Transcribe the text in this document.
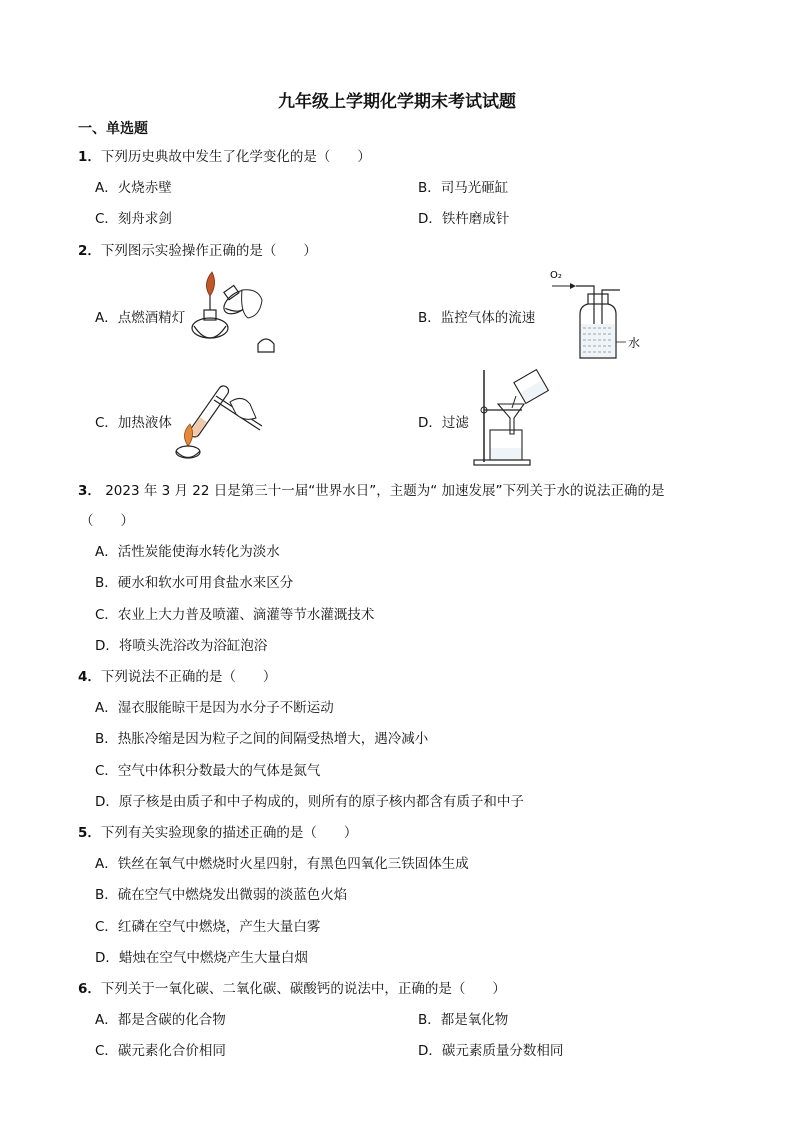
九年级上学期化学期末考试试题
一、单选题
1．下列历史典故中发生了化学变化的是（　　）
A．火烧赤壁	B．司马光砸缸
C．刻舟求剑	D．铁杵磨成针
2．下列图示实验操作正确的是（　　）
A．点燃酒精灯	B．监控气体的流速
C．加热液体	D．过滤
O₂
水
3． 2023 年 3 月 22 日是第三十一届“世界水日”，主题为“ 加速发展”下列关于水的说法正确的是
（　　）
A．活性炭能使海水转化为淡水
B．硬水和软水可用食盐水来区分
C．农业上大力普及喷灌、滴灌等节水灌溉技术
D．将喷头洗浴改为浴缸泡浴
4．下列说法不正确的是（　　）
A．湿衣服能晾干是因为水分子不断运动
B．热胀冷缩是因为粒子之间的间隔受热增大，遇冷减小
C．空气中体积分数最大的气体是氮气
D．原子核是由质子和中子构成的，则所有的原子核内都含有质子和中子
5．下列有关实验现象的描述正确的是（　　）
A．铁丝在氧气中燃烧时火星四射，有黑色四氧化三铁固体生成
B．硫在空气中燃烧发出微弱的淡蓝色火焰
C．红磷在空气中燃烧，产生大量白雾
D．蜡烛在空气中燃烧产生大量白烟
6．下列关于一氧化碳、二氧化碳、碳酸钙的说法中，正确的是（　　）
A．都是含碳的化合物	B．都是氧化物
C．碳元素化合价相同	D．碳元素质量分数相同
